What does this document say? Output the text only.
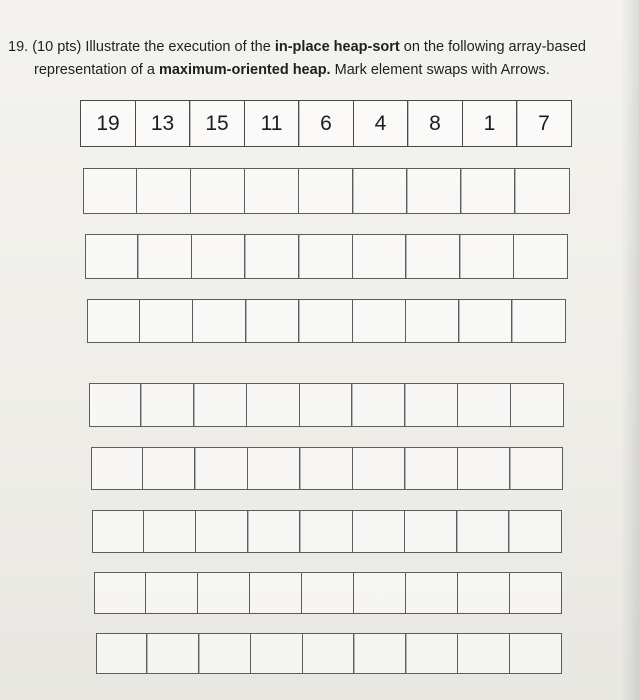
19. (10 pts) Illustrate the execution of the in-place heap-sort on the following array-based
representation of a maximum-oriented heap. Mark element swaps with Arrows.
19	13	15	11	6	4	8	1	7
